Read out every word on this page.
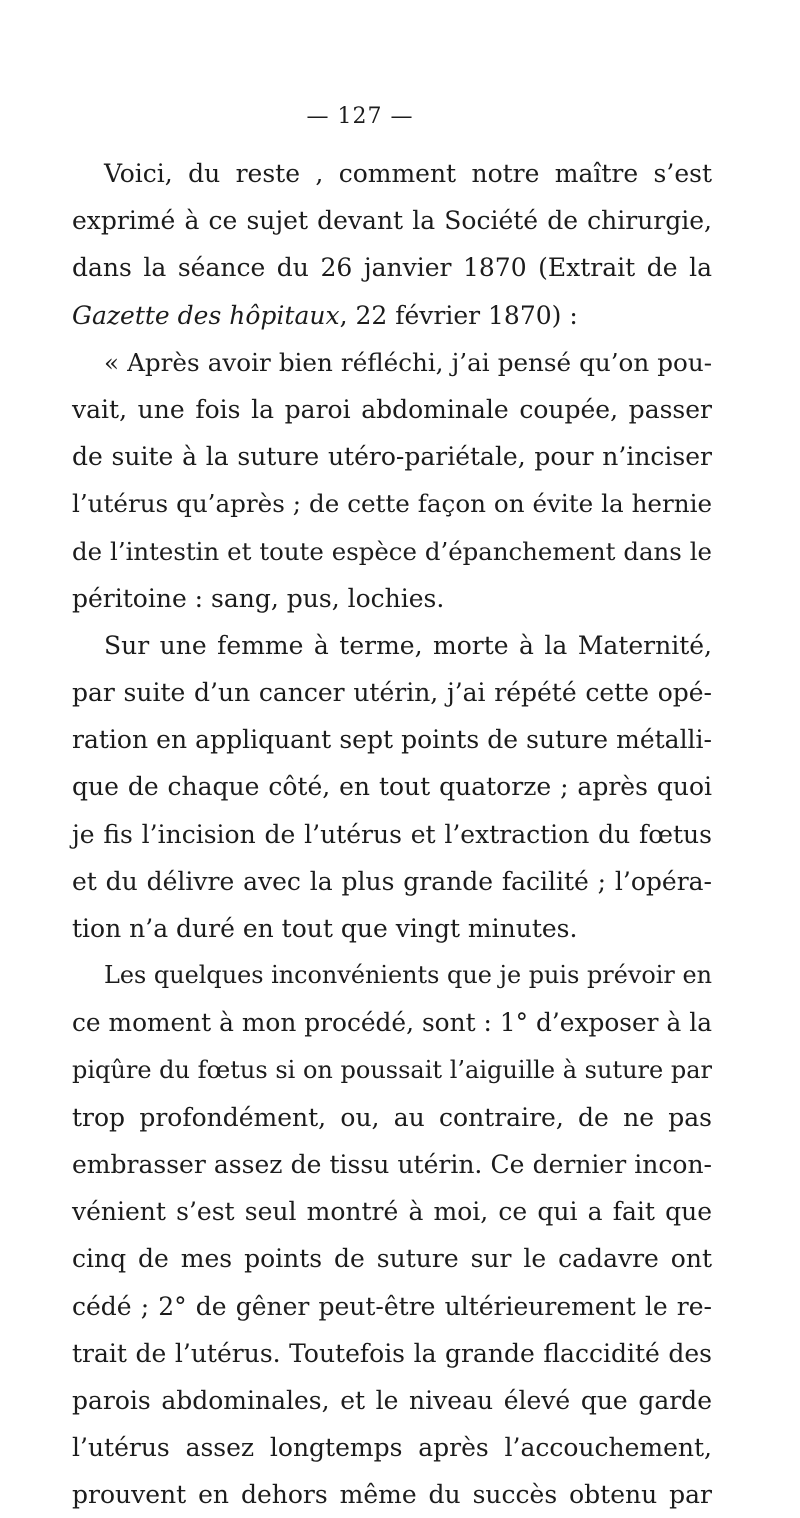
— 127 —
Voici, du reste , comment notre maître s’est
exprimé à ce sujet devant la Société de chirurgie,
dans la séance du 26 janvier 1870 (Extrait de la
Gazette des hôpitaux, 22 février 1870) :
« Après avoir bien réfléchi, j’ai pensé qu’on pou-
vait, une fois la paroi abdominale coupée, passer
de suite à la suture utéro-pariétale, pour n’inciser
l’utérus qu’après ; de cette façon on évite la hernie
de l’intestin et toute espèce d’épanchement dans le
péritoine : sang, pus, lochies.
Sur une femme à terme, morte à la Maternité,
par suite d’un cancer utérin, j’ai répété cette opé-
ration en appliquant sept points de suture métalli-
que de chaque côté, en tout quatorze ; après quoi
je fis l’incision de l’utérus et l’extraction du fœtus
et du délivre avec la plus grande facilité ; l’opéra-
tion n’a duré en tout que vingt minutes.
Les quelques inconvénients que je puis prévoir en
ce moment à mon procédé, sont : 1° d’exposer à la
piqûre du fœtus si on poussait l’aiguille à suture par
trop profondément, ou, au contraire, de ne pas
embrasser assez de tissu utérin. Ce dernier incon-
vénient s’est seul montré à moi, ce qui a fait que
cinq de mes points de suture sur le cadavre ont
cédé ; 2° de gêner peut-être ultérieurement le re-
trait de l’utérus. Toutefois la grande flaccidité des
parois abdominales, et le niveau élevé que garde
l’utérus assez longtemps après l’accouchement,
prouvent en dehors même du succès obtenu par
